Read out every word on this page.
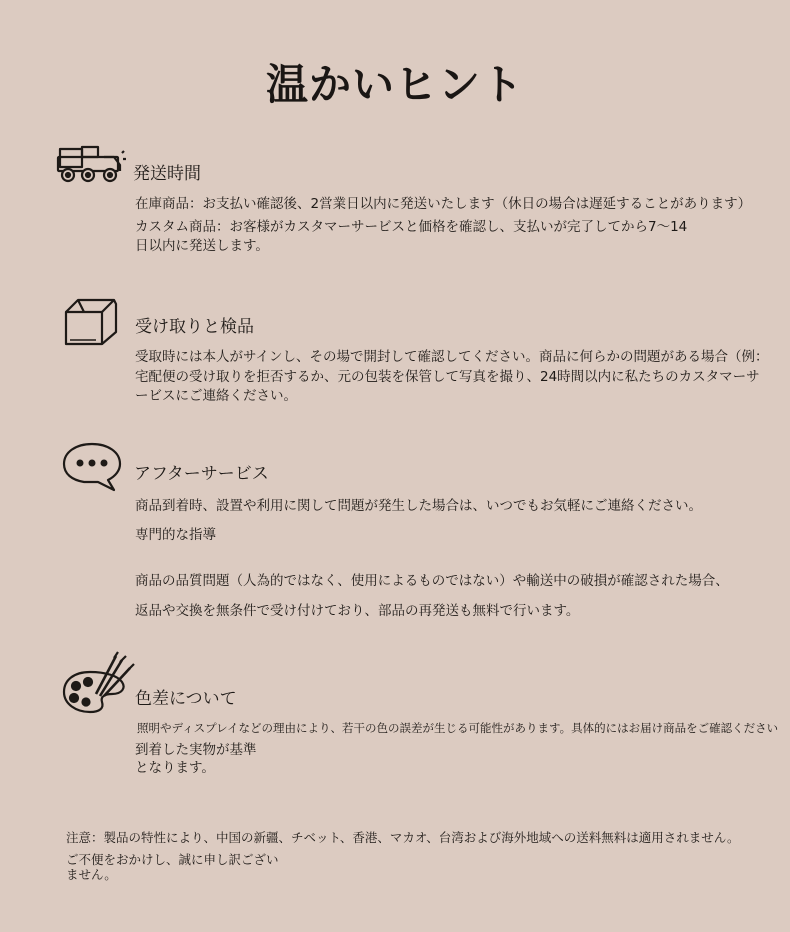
温かいヒント
発送時間
在庫商品：お支払い確認後、2営業日以内に発送いたします（休日の場合は遅延することがあります）
カスタム商品：お客様がカスタマーサービスと価格を確認し、支払いが完了してから7〜14
日以内に発送します。
受け取りと検品
受取時には本人がサインし、その場で開封して確認してください。商品に何らかの問題がある場合（例：
宅配便の受け取りを拒否するか、元の包装を保管して写真を撮り、24時間以内に私たちのカスタマーサ
ービスにご連絡ください。
アフターサービス
商品到着時、設置や利用に関して問題が発生した場合は、いつでもお気軽にご連絡ください。
専門的な指導
商品の品質問題（人為的ではなく、使用によるものではない）や輸送中の破損が確認された場合、
返品や交換を無条件で受け付けており、部品の再発送も無料で行います。
色差について
照明やディスプレイなどの理由により、若干の色の誤差が生じる可能性があります。具体的にはお届け商品をご確認ください
到着した実物が基準
となります。
注意：製品の特性により、中国の新疆、チベット、香港、マカオ、台湾および海外地域への送料無料は適用されません。
ご不便をおかけし、誠に申し訳ござい
ません。
